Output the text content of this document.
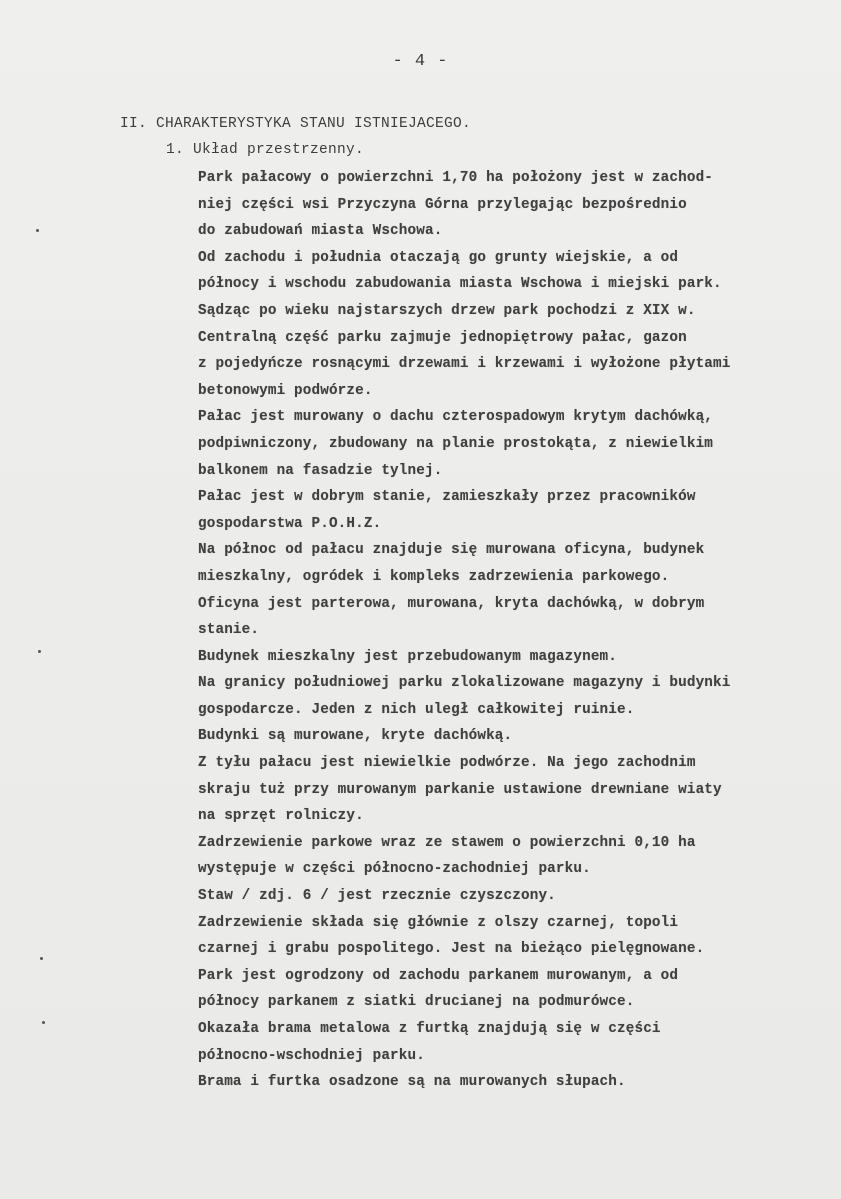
- 4 -
II. CHARAKTERYSTYKA STANU ISTNIEJACEGO.
1. Układ przestrzenny.
Park pałacowy o powierzchni 1,70 ha położony jest w zachod-
niej części wsi Przyczyna Górna przylegając bezpośrednio
do zabudowań miasta Wschowa.
Od zachodu i południa otaczają go grunty wiejskie, a od
północy i wschodu zabudowania miasta Wschowa i miejski park.
Sądząc po wieku najstarszych drzew park pochodzi z XIX w.
Centralną część parku zajmuje jednopiętrowy pałac, gazon
z pojedyńcze rosnącymi drzewami i krzewami i wyłożone płytami
betonowymi podwórze.
Pałac jest murowany o dachu czterospadowym krytym dachówką,
podpiwniczony, zbudowany na planie prostokąta, z niewielkim
balkonem na fasadzie tylnej.
Pałac jest w dobrym stanie, zamieszkały przez pracowników
gospodarstwa P.O.H.Z.
Na północ od pałacu znajduje się murowana oficyna, budynek
mieszkalny, ogródek i kompleks zadrzewienia parkowego.
Oficyna jest parterowa, murowana, kryta dachówką, w dobrym
stanie.
Budynek mieszkalny jest przebudowanym magazynem.
Na granicy południowej parku zlokalizowane magazyny i budynki
gospodarcze. Jeden z nich uległ całkowitej ruinie.
Budynki są murowane, kryte dachówką.
Z tyłu pałacu jest niewielkie podwórze. Na jego zachodnim
skraju tuż przy murowanym parkanie ustawione drewniane wiaty
na sprzęt rolniczy.
Zadrzewienie parkowe wraz ze stawem o powierzchni 0,10 ha
występuje w części północno-zachodniej parku.
Staw / zdj. 6 / jest rzecznie czyszczony.
Zadrzewienie składa się głównie z olszy czarnej, topoli
czarnej i grabu pospolitego. Jest na bieżąco pielęgnowane.
Park jest ogrodzony od zachodu parkanem murowanym, a od
północy parkanem z siatki drucianej na podmurówce.
Okazała brama metalowa z furtką znajdują się w części
północno-wschodniej parku.
Brama i furtka osadzone są na murowanych słupach.
